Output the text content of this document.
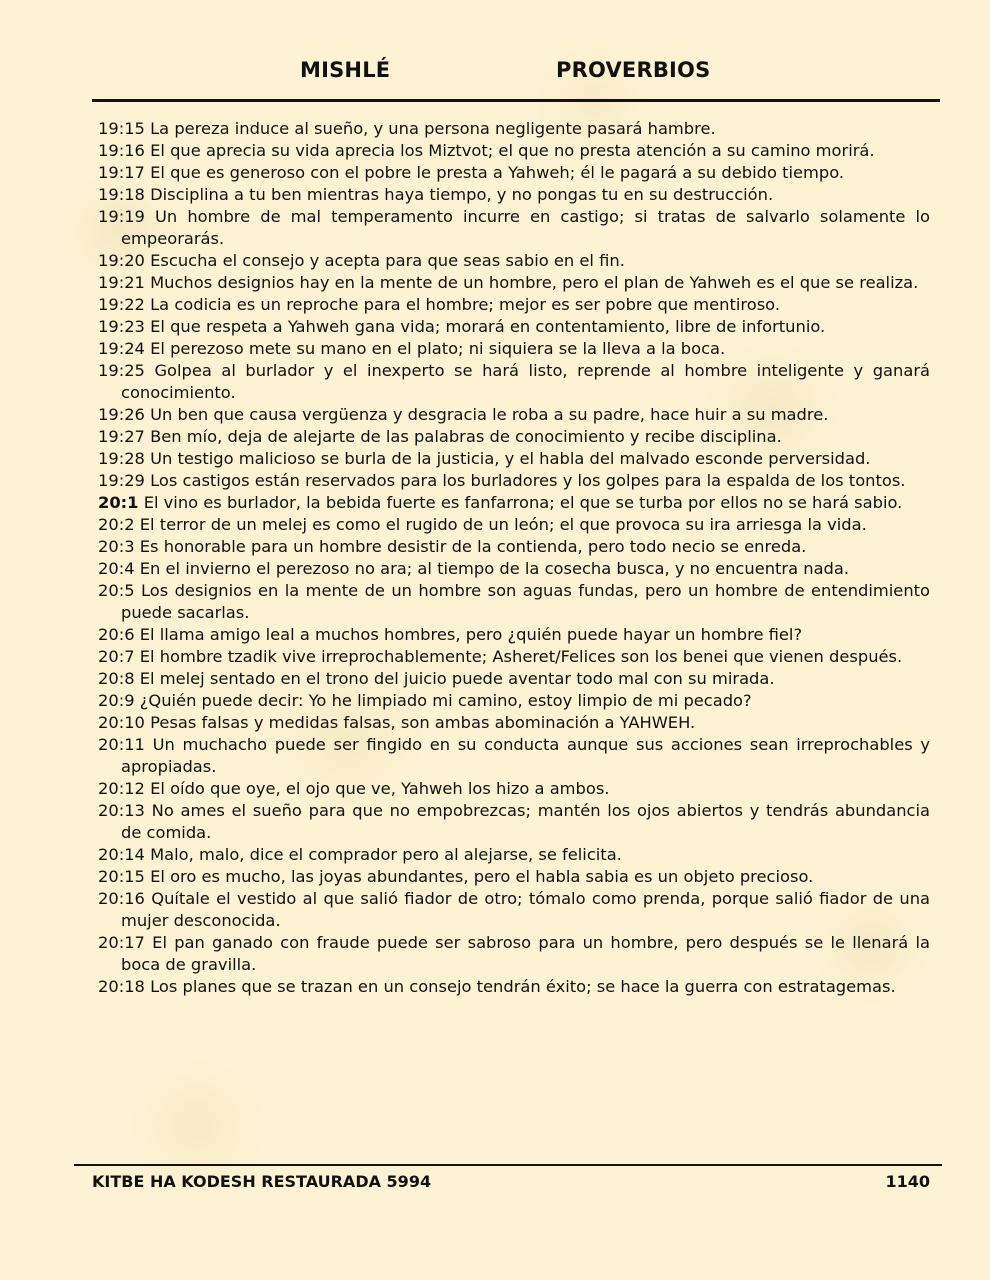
MISHLÉ	PROVERBIOS
19:15 La pereza induce al sueño, y una persona negligente pasará hambre.
19:16 El que aprecia su vida aprecia los Miztvot; el que no presta atención a su camino morirá.
19:17 El que es generoso con el pobre le presta a Yahweh; él le pagará a su debido tiempo.
19:18 Disciplina a tu ben mientras haya tiempo, y no pongas tu en su destrucción.
19:19 Un hombre de mal temperamento incurre en castigo; si tratas de salvarlo solamente lo empeorarás.
19:20 Escucha el consejo y acepta para que seas sabio en el fin.
19:21 Muchos designios hay en la mente de un hombre, pero el plan de Yahweh es el que se realiza.
19:22 La codicia es un reproche para el hombre; mejor es ser pobre que mentiroso.
19:23 El que respeta a Yahweh gana vida; morará en contentamiento, libre de infortunio.
19:24 El perezoso mete su mano en el plato; ni siquiera se la lleva a la boca.
19:25 Golpea al burlador y el inexperto se hará listo, reprende al hombre inteligente y ganará conocimiento.
19:26 Un ben que causa vergüenza y desgracia le roba a su padre, hace huir a su madre.
19:27 Ben mío, deja de alejarte de las palabras de conocimiento y recibe disciplina.
19:28 Un testigo malicioso se burla de la justicia, y el habla del malvado esconde perversidad.
19:29 Los castigos están reservados para los burladores y los golpes para la espalda de los tontos.
20:1 El vino es burlador, la bebida fuerte es fanfarrona; el que se turba por ellos no se hará sabio.
20:2 El terror de un melej es como el rugido de un león; el que provoca su ira arriesga la vida.
20:3 Es honorable para un hombre desistir de la contienda, pero todo necio se enreda.
20:4 En el invierno el perezoso no ara; al tiempo de la cosecha busca, y no encuentra nada.
20:5 Los designios en la mente de un hombre son aguas fundas, pero un hombre de entendimiento puede sacarlas.
20:6 El llama amigo leal a muchos hombres, pero ¿quién puede hayar un hombre fiel?
20:7 El hombre tzadik vive irreprochablemente; Asheret/Felices son los benei que vienen después.
20:8 El melej sentado en el trono del juicio puede aventar todo mal con su mirada.
20:9 ¿Quién puede decir: Yo he limpiado mi camino, estoy limpio de mi pecado?
20:10 Pesas falsas y medidas falsas, son ambas abominación a YAHWEH.
20:11 Un muchacho puede ser fingido en su conducta aunque sus acciones sean irreprochables y apropiadas.
20:12 El oído que oye, el ojo que ve, Yahweh los hizo a ambos.
20:13 No ames el sueño para que no empobrezcas; mantén los ojos abiertos y tendrás abundancia de comida.
20:14 Malo, malo, dice el comprador pero al alejarse, se felicita.
20:15 El oro es mucho, las joyas abundantes, pero el habla sabia es un objeto precioso.
20:16 Quítale el vestido al que salió fiador de otro; tómalo como prenda, porque salió fiador de una mujer desconocida.
20:17 El pan ganado con fraude puede ser sabroso para un hombre, pero después se le llenará la boca de gravilla.
20:18 Los planes que se trazan en un consejo tendrán éxito; se hace la guerra con estratagemas.
KITBE HA KODESH RESTAURADA 5994	1140
